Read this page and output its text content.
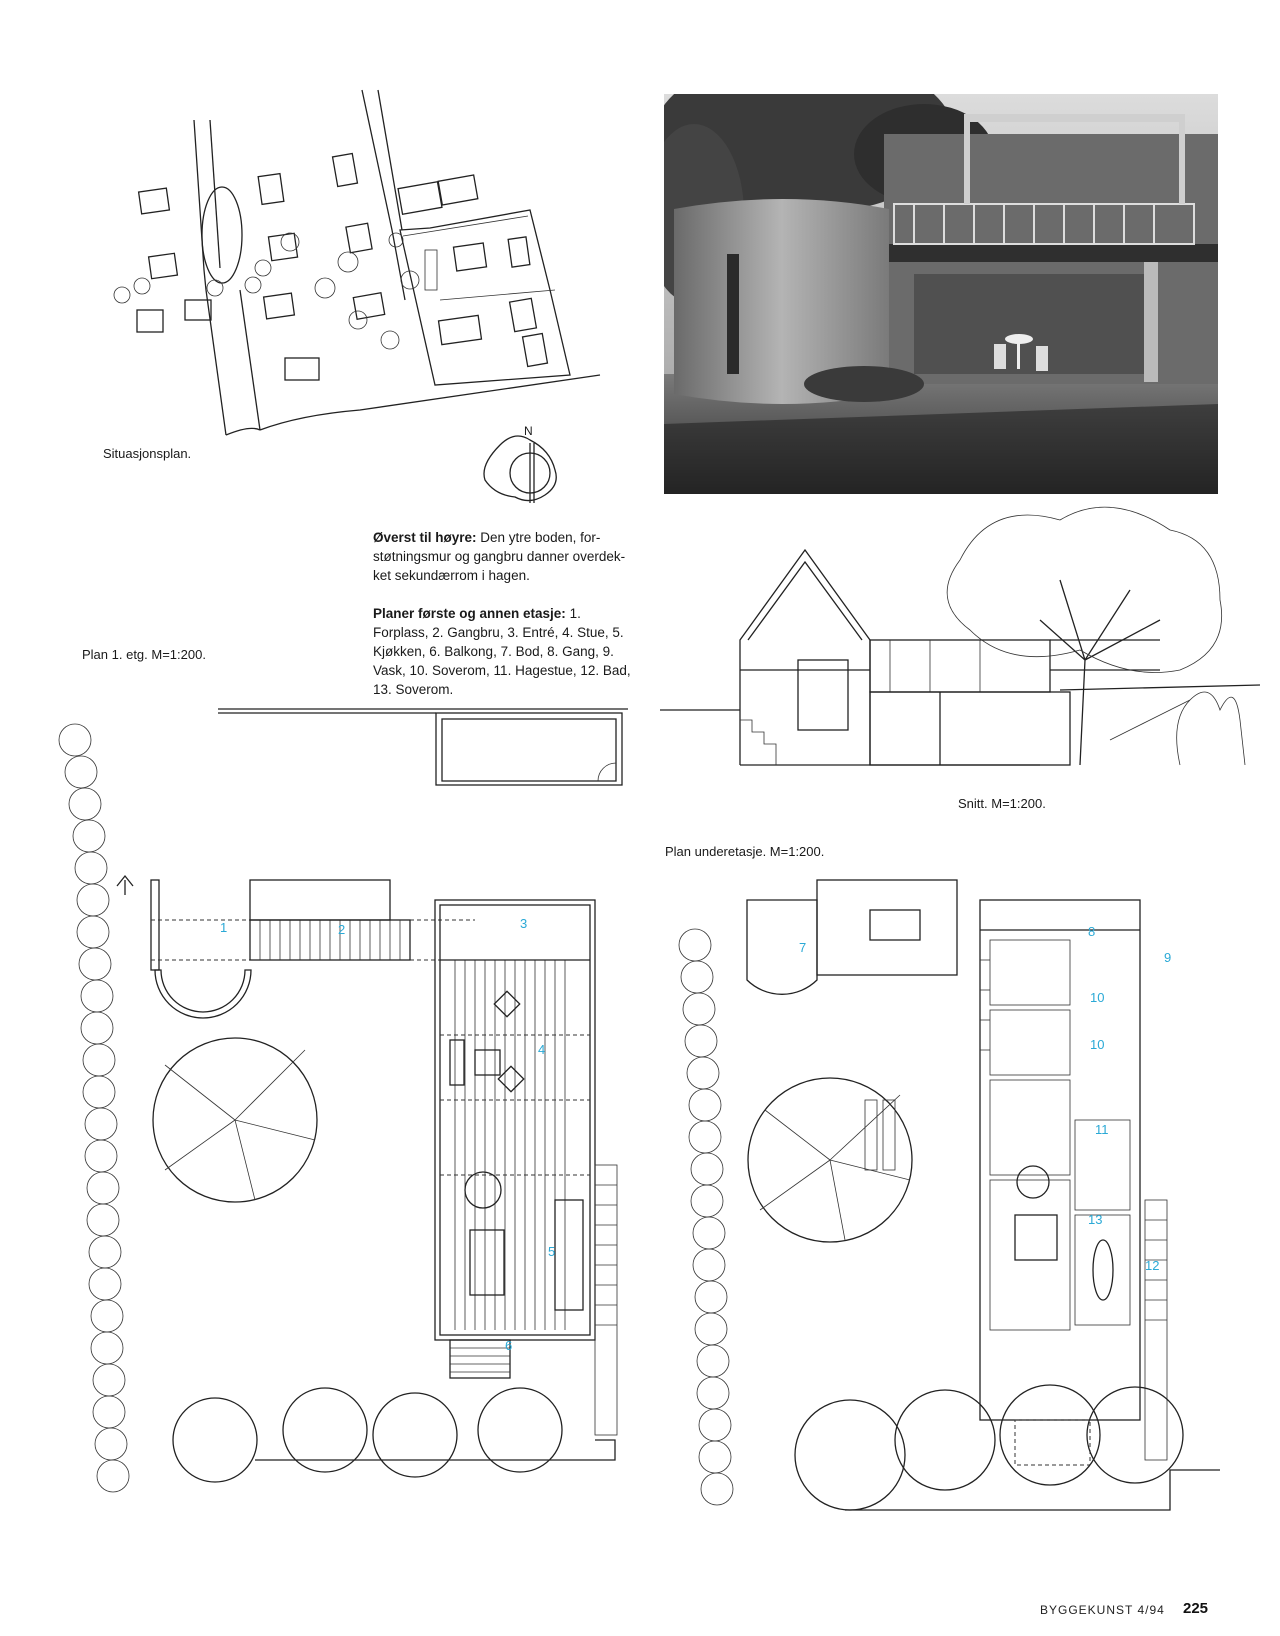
Situasjonsplan.
N
Øverst til høyre: Den ytre boden, for-støtningsmur og gangbru danner overdek-ket sekundærrom i hagen.
Planer første og annen etasje: 1. Forplass, 2. Gangbru, 3. Entré, 4. Stue, 5. Kjøkken, 6. Balkong, 7. Bod, 8. Gang, 9. Vask, 10. Soverom, 11. Hagestue, 12. Bad, 13. Soverom.
Plan 1. etg. M=1:200.
Snitt. M=1:200.
Plan underetasje. M=1:200.
1	2	3
4
5
6
7
8
9
10
10
11
13
12
BYGGEKUNST 4/94 225
